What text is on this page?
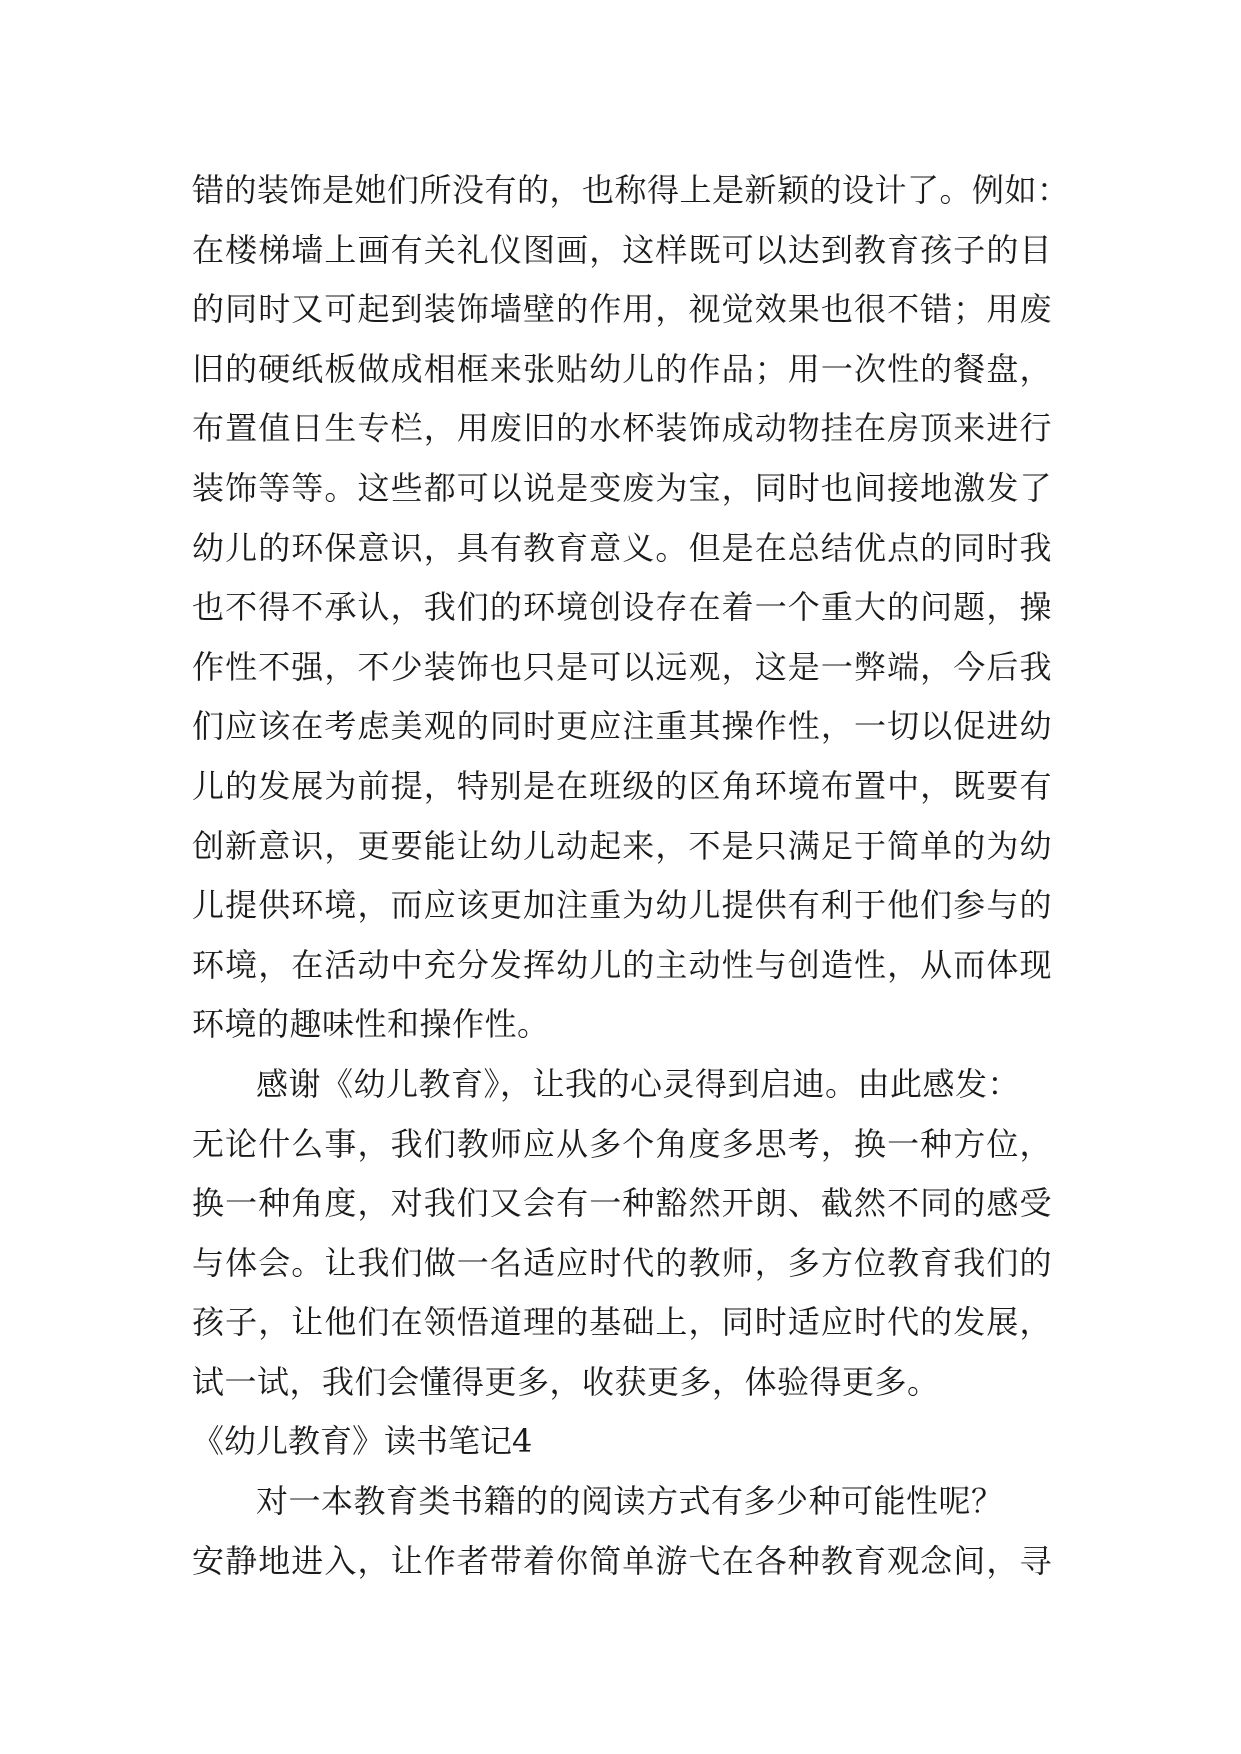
错的装饰是她们所没有的，也称得上是新颖的设计了。例如：
在楼梯墙上画有关礼仪图画，这样既可以达到教育孩子的目
的同时又可起到装饰墙壁的作用，视觉效果也很不错；用废
旧的硬纸板做成相框来张贴幼儿的作品；用一次性的餐盘，
布置值日生专栏，用废旧的水杯装饰成动物挂在房顶来进行
装饰等等。这些都可以说是变废为宝，同时也间接地激发了
幼儿的环保意识，具有教育意义。但是在总结优点的同时我
也不得不承认，我们的环境创设存在着一个重大的问题，操
作性不强，不少装饰也只是可以远观，这是一弊端，今后我
们应该在考虑美观的同时更应注重其操作性，一切以促进幼
儿的发展为前提，特别是在班级的区角环境布置中，既要有
创新意识，更要能让幼儿动起来，不是只满足于简单的为幼
儿提供环境，而应该更加注重为幼儿提供有利于他们参与的
环境，在活动中充分发挥幼儿的主动性与创造性，从而体现
环境的趣味性和操作性。
感谢《幼儿教育》，让我的心灵得到启迪。由此感发：
无论什么事，我们教师应从多个角度多思考，换一种方位，
换一种角度，对我们又会有一种豁然开朗、截然不同的感受
与体会。让我们做一名适应时代的教师，多方位教育我们的
孩子，让他们在领悟道理的基础上，同时适应时代的发展，
试一试，我们会懂得更多，收获更多，体验得更多。
《幼儿教育》读书笔记4
对一本教育类书籍的的阅读方式有多少种可能性呢？
安静地进入，让作者带着你简单游弋在各种教育观念间，寻
